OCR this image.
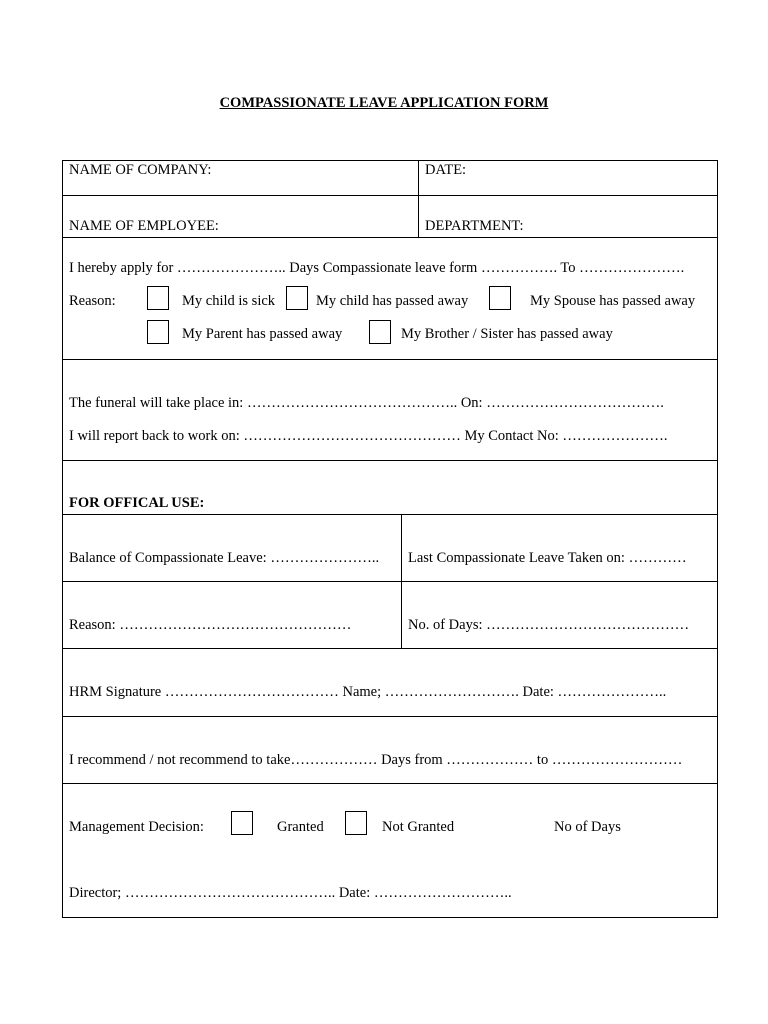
COMPASSIONATE LEAVE APPLICATION FORM
NAME OF COMPANY:	DATE:
NAME OF EMPLOYEE:	DEPARTMENT:
I hereby apply for ………………….. Days Compassionate leave form ……………. To ………………….
Reason:	My child is sick	My child has passed away	My Spouse has passed away
My Parent has passed away	My Brother / Sister has passed away
The funeral will take place in: …………………………………….. On: ……………………………….
I will report back to work on: ……………………………………… My Contact No: ………………….
FOR OFFICAL USE:
Balance of Compassionate Leave: ………………….. Last Compassionate Leave Taken on: …………
Reason: …………………………………………	No. of Days: ……………………………………
HRM Signature ……………………………… Name; ………………………. Date: …………………..
I recommend / not recommend to take……………… Days from ……………… to ………………………
Management Decision:	Granted	Not Granted	No of Days
Director; …………………………………….. Date: ………………………..
